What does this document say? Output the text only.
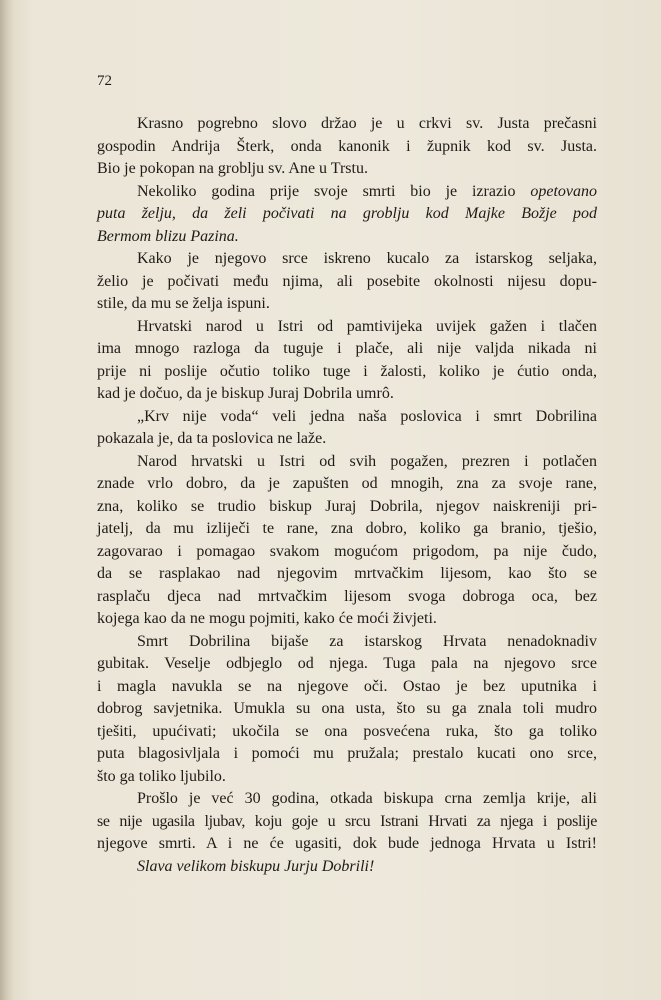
72
Krasno pogrebno slovo držao je u crkvi sv. Justa prečasni
gospodin Andrija Šterk, onda kanonik i župnik kod sv. Justa.
Bio je pokopan na groblju sv. Ane u Trstu.
Nekoliko godina prije svoje smrti bio je izrazio opetovano
puta želju, da želi počivati na groblju kod Majke Božje pod
Bermom blizu Pazina.
Kako je njegovo srce iskreno kucalo za istarskog seljaka,
želio je počivati među njima, ali posebite okolnosti nijesu dopu-
stile, da mu se želja ispuni.
Hrvatski narod u Istri od pamtivijeka uvijek gažen i tlačen
ima mnogo razloga da tuguje i plače, ali nije valjda nikada ni
prije ni poslije očutio toliko tuge i žalosti, koliko je ćutio onda,
kad je dočuo, da je biskup Juraj Dobrila umrô.
„Krv nije voda“ veli jedna naša poslovica i smrt Dobrilina
pokazala je, da ta poslovica ne laže.
Narod hrvatski u Istri od svih pogažen, prezren i potlačen
znade vrlo dobro, da je zapušten od mnogih, zna za svoje rane,
zna, koliko se trudio biskup Juraj Dobrila, njegov naiskreniji pri-
jatelj, da mu izliječi te rane, zna dobro, koliko ga branio, tješio,
zagovarao i pomagao svakom mogućom prigodom, pa nije čudo,
da se rasplakao nad njegovim mrtvačkim lijesom, kao što se
rasplaču djeca nad mrtvačkim lijesom svoga dobroga oca, bez
kojega kao da ne mogu pojmiti, kako će moći živjeti.
Smrt Dobrilina bijaše za istarskog Hrvata nenadoknadiv
gubitak. Veselje odbjeglo od njega. Tuga pala na njegovo srce
i magla navukla se na njegove oči. Ostao je bez uputnika i
dobrog savjetnika. Umukla su ona usta, što su ga znala toli mudro
tješiti, upućivati; ukočila se ona posvećena ruka, što ga toliko
puta blagosivljala i pomoći mu pružala; prestalo kucati ono srce,
što ga toliko ljubilo.
Prošlo je već 30 godina, otkada biskupa crna zemlja krije, ali
se nije ugasila ljubav, koju goje u srcu Istrani Hrvati za njega i poslije
njegove smrti. A i ne će ugasiti, dok bude jednoga Hrvata u Istri!

Slava velikom biskupu Jurju Dobrili!
